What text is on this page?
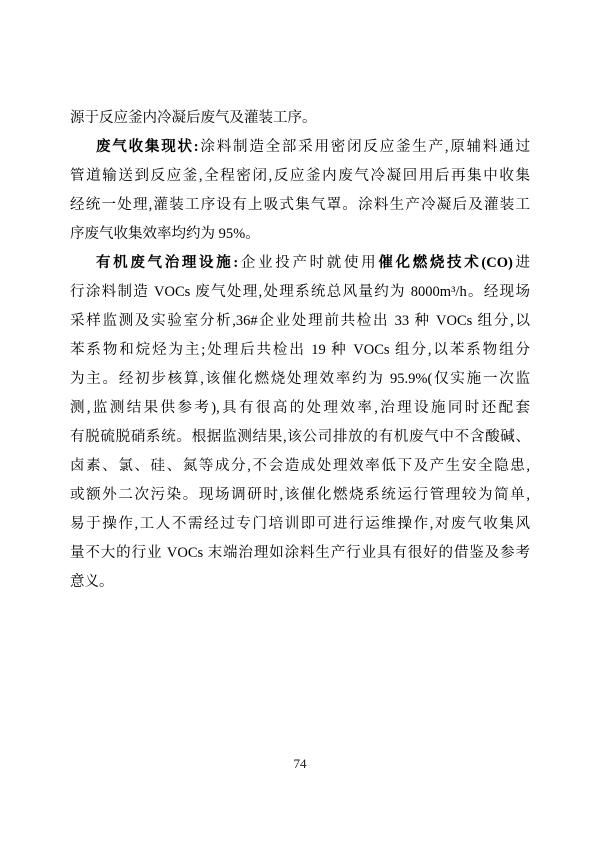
源于反应釜内冷凝后废气及灌装工序。
废气收集现状:涂料制造全部采用密闭反应釜生产,原辅料通过
管道输送到反应釜,全程密闭,反应釜内废气冷凝回用后再集中收集
经统一处理,灌装工序设有上吸式集气罩。涂料生产冷凝后及灌装工
序废气收集效率均约为 95%。
有机废气治理设施:企业投产时就使用催化燃烧技术(CO)进
行涂料制造 VOCs 废气处理,处理系统总风量约为 8000m³/h。经现场
采样监测及实验室分析,36#企业处理前共检出 33 种 VOCs 组分,以
苯系物和烷烃为主;处理后共检出 19 种 VOCs 组分,以苯系物组分
为主。经初步核算,该催化燃烧处理效率约为 95.9%(仅实施一次监
测,监测结果供参考),具有很高的处理效率,治理设施同时还配套
有脱硫脱硝系统。根据监测结果,该公司排放的有机废气中不含酸碱、
卤素、氯、硅、氮等成分,不会造成处理效率低下及产生安全隐患,
或额外二次污染。现场调研时,该催化燃烧系统运行管理较为简单,
易于操作,工人不需经过专门培训即可进行运维操作,对废气收集风
量不大的行业 VOCs 末端治理如涂料生产行业具有很好的借鉴及参考
意义。
74
